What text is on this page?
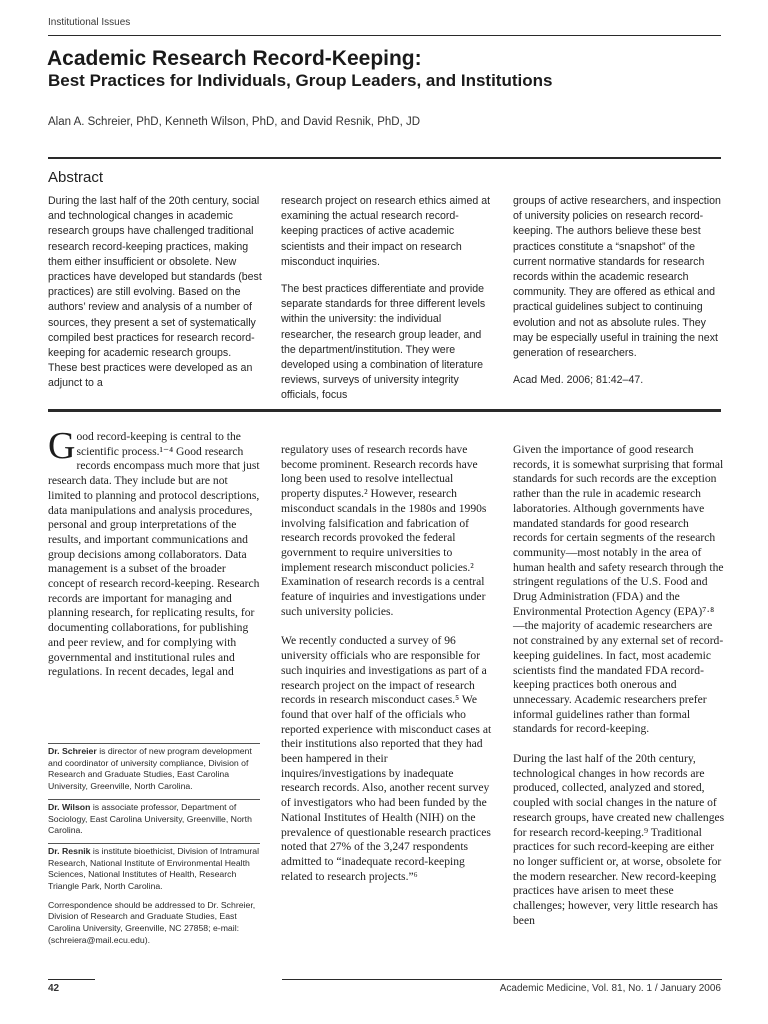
Institutional Issues
Academic Research Record-Keeping:
Best Practices for Individuals, Group Leaders, and Institutions
Alan A. Schreier, PhD, Kenneth Wilson, PhD, and David Resnik, PhD, JD
Abstract

During the last half of the 20th century, social and technological changes in academic research groups have challenged traditional research record-keeping practices, making them either insufficient or obsolete. New practices have developed but standards (best practices) are still evolving. Based on the authors’ review and analysis of a number of sources, they present a set of systematically compiled best practices for research record-keeping for academic research groups. These best practices were developed as an adjunct to a

research project on research ethics aimed at examining the actual research record-keeping practices of active academic scientists and their impact on research misconduct inquiries.

The best practices differentiate and provide separate standards for three different levels within the university: the individual researcher, the research group leader, and the department/institution. They were developed using a combination of literature reviews, surveys of university integrity officials, focus

groups of active researchers, and inspection of university policies on research record-keeping. The authors believe these best practices constitute a “snapshot” of the current normative standards for research records within the academic research community. They are offered as ethical and practical guidelines subject to continuing evolution and not as absolute rules. They may be especially useful in training the next generation of researchers.

Acad Med. 2006; 81:42–47.

Good record-keeping is central to the scientific process.¹⁻⁴ Good research records encompass much more that just research data. They include but are not limited to planning and protocol descriptions, data manipulations and analysis procedures, personal and group interpretations of the results, and important communications and group decisions among collaborators. Data management is a subset of the broader concept of research record-keeping. Research records are important for managing and planning research, for replicating results, for documenting collaborations, for publishing and peer review, and for complying with governmental and institutional rules and regulations. In recent decades, legal and

Dr. Schreier is director of new program development and coordinator of university compliance, Division of Research and Graduate Studies, East Carolina University, Greenville, North Carolina.

Dr. Wilson is associate professor, Department of Sociology, East Carolina University, Greenville, North Carolina.

Dr. Resnik is institute bioethicist, Division of Intramural Research, National Institute of Environmental Health Sciences, National Institutes of Health, Research Triangle Park, North Carolina.

Correspondence should be addressed to Dr. Schreier, Division of Research and Graduate Studies, East Carolina University, Greenville, NC 27858; e-mail: (schreiera@mail.ecu.edu).

regulatory uses of research records have become prominent. Research records have long been used to resolve intellectual property disputes.² However, research misconduct scandals in the 1980s and 1990s involving falsification and fabrication of research records provoked the federal government to require universities to implement research misconduct policies.² Examination of research records is a central feature of inquiries and investigations under such university policies.

We recently conducted a survey of 96 university officials who are responsible for such inquiries and investigations as part of a research project on the impact of research records in research misconduct cases.⁵ We found that over half of the officials who reported experience with misconduct cases at their institutions also reported that they had been hampered in their inquires/investigations by inadequate research records. Also, another recent survey of investigators who had been funded by the National Institutes of Health (NIH) on the prevalence of questionable research practices noted that 27% of the 3,247 respondents admitted to “inadequate record-keeping related to research projects.”⁶

Given the importance of good research records, it is somewhat surprising that formal standards for such records are the exception rather than the rule in academic research laboratories. Although governments have mandated standards for good research records for certain segments of the research community—most notably in the area of human health and safety research through the stringent regulations of the U.S. Food and Drug Administration (FDA) and the Environmental Protection Agency (EPA)⁷·⁸—the majority of academic researchers are not constrained by any external set of record-keeping guidelines. In fact, most academic scientists find the mandated FDA record-keeping practices both onerous and unnecessary. Academic researchers prefer informal guidelines rather than formal standards for record-keeping.

During the last half of the 20th century, technological changes in how records are produced, collected, analyzed and stored, coupled with social changes in the nature of research groups, have created new challenges for research record-keeping.⁹ Traditional practices for such record-keeping are either no longer sufficient or, at worse, obsolete for the modern researcher. New record-keeping practices have arisen to meet these challenges; however, very little research has been

42	Academic Medicine, Vol. 81, No. 1 / January 2006
